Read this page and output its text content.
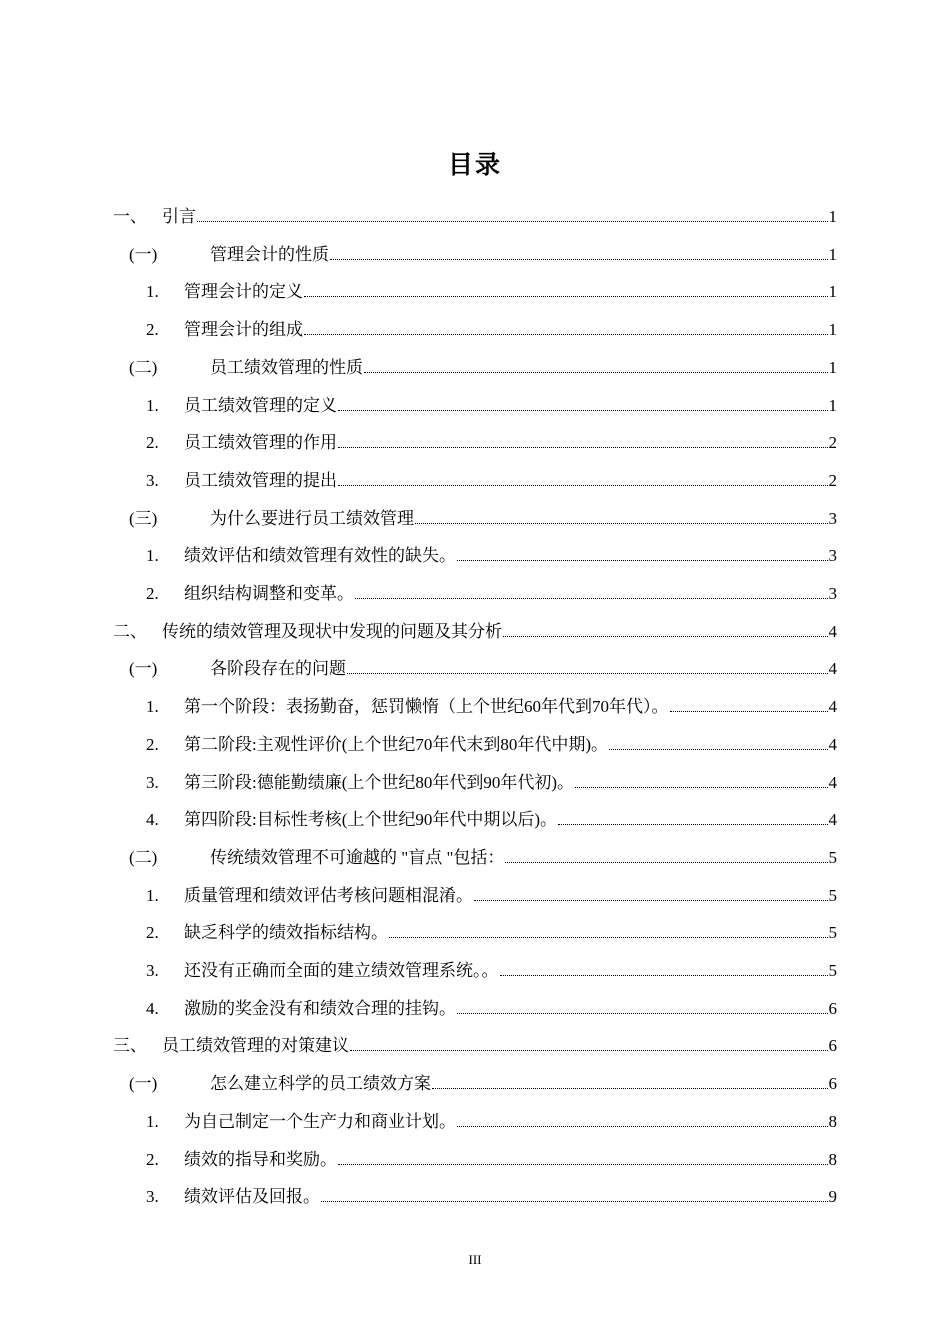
目录
一、 引言	1
(一)	管理会计的性质	1
1. 管理会计的定义	1
2. 管理会计的组成	1
(二)	员工绩效管理的性质	1
1. 员工绩效管理的定义	1
2. 员工绩效管理的作用	2
3. 员工绩效管理的提出	2
(三)	为什么要进行员工绩效管理	3
1. 绩效评估和绩效管理有效性的缺失。	3
2. 组织结构调整和变革。	3
二、 传统的绩效管理及现状中发现的问题及其分析	4
(一)	各阶段存在的问题	4
1. 第一个阶段：表扬勤奋，惩罚懒惰（上个世纪60年代到70年代）。	4
2. 第二阶段:主观性评价(上个世纪70年代末到80年代中期)。	4
3. 第三阶段:德能勤绩廉(上个世纪80年代到90年代初)。	4
4. 第四阶段:目标性考核(上个世纪90年代中期以后)。	4
(二)	传统绩效管理不可逾越的 "盲点 "包括：	5
1. 质量管理和绩效评估考核问题相混淆。	5
2. 缺乏科学的绩效指标结构。	5
3. 还没有正确而全面的建立绩效管理系统。。	5
4. 激励的奖金没有和绩效合理的挂钩。	6
三、 员工绩效管理的对策建议	6
(一)	怎么建立科学的员工绩效方案	6
1. 为自己制定一个生产力和商业计划。	8
2. 绩效的指导和奖励。	8
3. 绩效评估及回报。	9
III
